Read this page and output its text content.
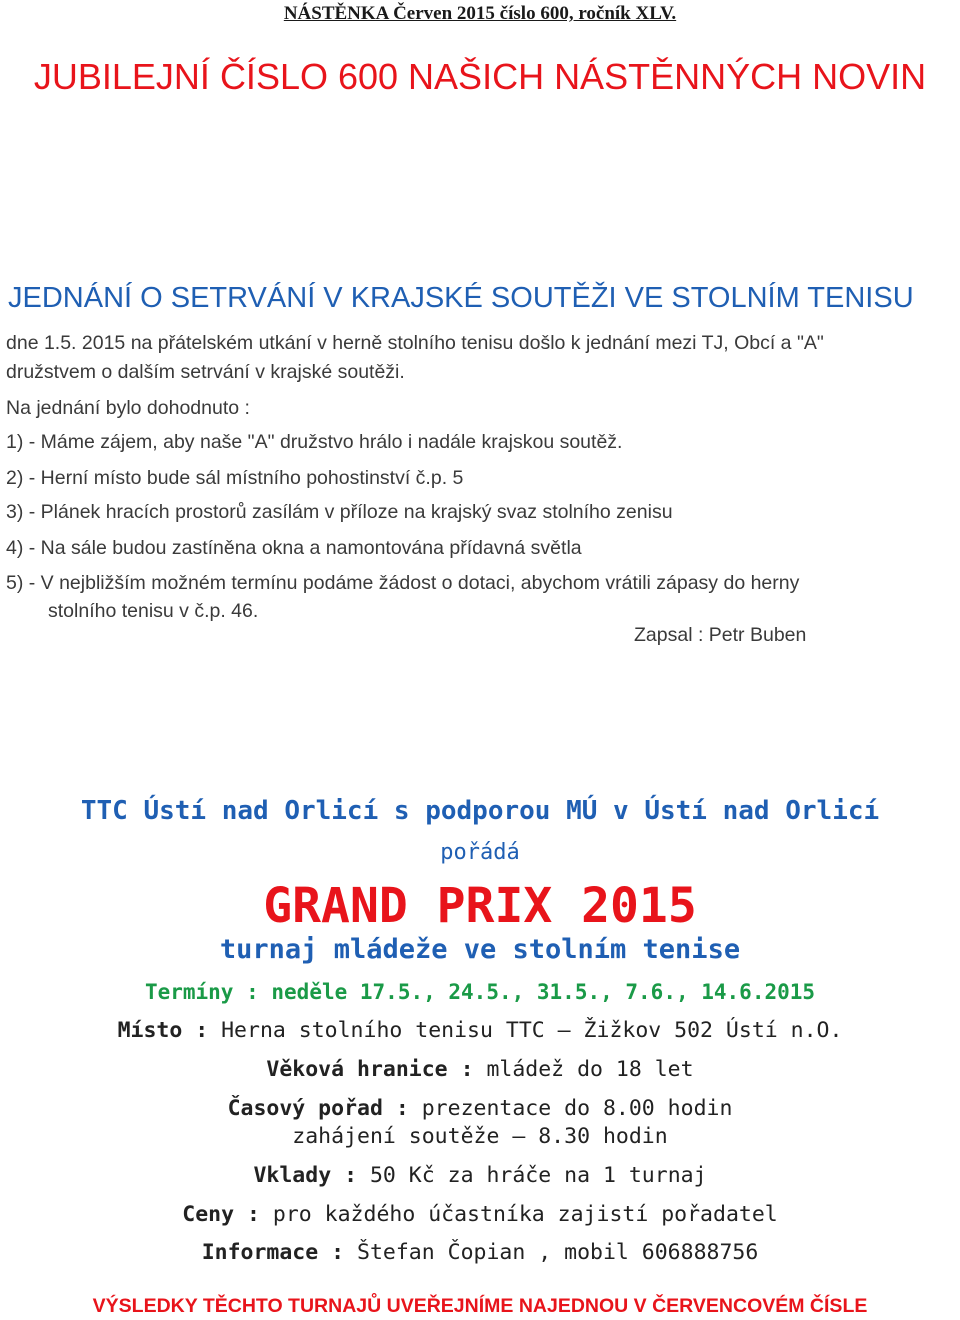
NÁSTĚNKA Červen 2015 číslo 600, ročník XLV.
JUBILEJNÍ ČÍSLO 600 NAŠICH NÁSTĚNNÝCH NOVIN
JEDNÁNÍ O SETRVÁNÍ V KRAJSKÉ SOUTĚŽI VE STOLNÍM TENISU
dne 1.5. 2015 na přátelském utkání v herně stolního tenisu došlo k jednání mezi TJ, Obcí a "A"
družstvem o dalším setrvání v krajské soutěži.
Na jednání bylo dohodnuto :
1) - Máme zájem, aby naše "A" družstvo hrálo i nadále krajskou soutěž.
2) - Herní místo bude sál místního pohostinství č.p. 5
3) - Plánek hracích prostorů zasílám v příloze na krajský svaz stolního zenisu
4) - Na sále budou zastíněna okna a namontována přídavná světla
5) - V nejbližším možném termínu podáme žádost o dotaci, abychom vrátili zápasy do herny
stolního tenisu v č.p. 46.
Zapsal : Petr Buben
TTC Ústí nad Orlicí s podporou MÚ v Ústí nad Orlicí
pořádá
GRAND PRIX 2015
turnaj mládeže ve stolním tenise
Termíny : neděle 17.5., 24.5., 31.5., 7.6., 14.6.2015
Místo : Herna stolního tenisu TTC – Žižkov 502 Ústí n.O.
Věková hranice : mládež do 18 let
Časový pořad : prezentace do 8.00 hodin
zahájení soutěže – 8.30 hodin
Vklady : 50 Kč za hráče na 1 turnaj
Ceny : pro každého účastníka zajistí pořadatel
Informace : Štefan Čopian , mobil 606888756
VÝSLEDKY TĚCHTO TURNAJŮ UVEŘEJNÍME NAJEDNOU V ČERVENCOVÉM ČÍSLE
